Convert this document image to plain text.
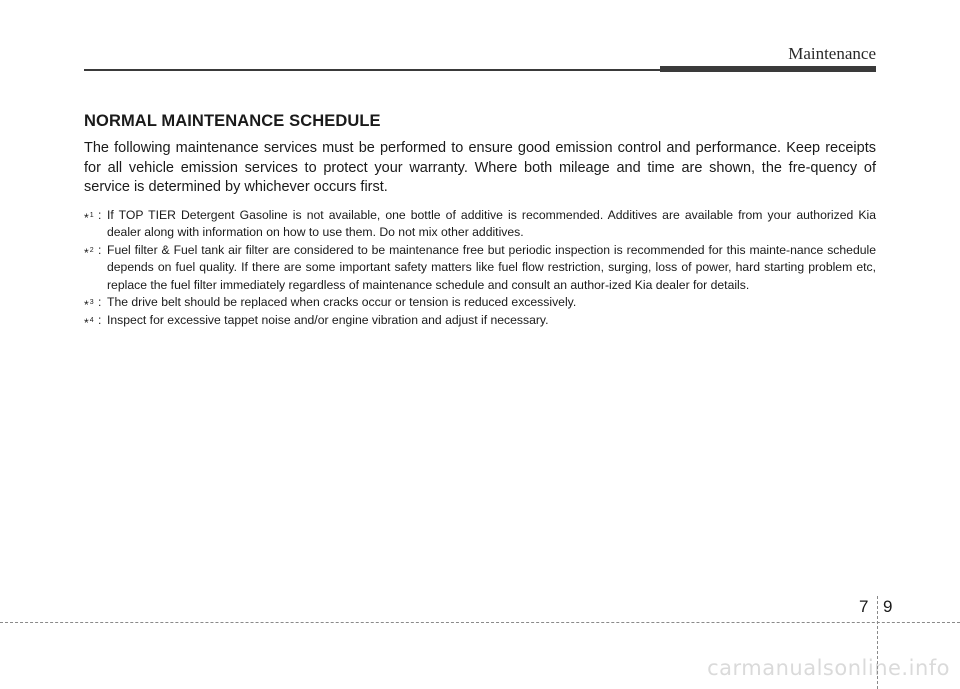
Maintenance
NORMAL MAINTENANCE SCHEDULE

The following maintenance services must be performed to ensure good emission control and performance. Keep receipts for all vehicle emission services to protect your warranty. Where both mileage and time are shown, the fre-quency of service is determined by whichever occurs first.

*$^1$ : If TOP TIER Detergent Gasoline is not available, one bottle of additive is recommended. Additives are available from your authorized Kia dealer along with information on how to use them. Do not mix other additives.
*$^2$ : Fuel filter & Fuel tank air filter are considered to be maintenance free but periodic inspection is recommended for this mainte-nance schedule depends on fuel quality. If there are some important safety matters like fuel flow restriction, surging, loss of power, hard starting problem etc, replace the fuel filter immediately regardless of maintenance schedule and consult an author-ized Kia dealer for details.
*$^3$ : The drive belt should be replaced when cracks occur or tension is reduced excessively.
*$^4$ : Inspect for excessive tappet noise and/or engine vibration and adjust if necessary.
7 9
carmanualsonline.info
